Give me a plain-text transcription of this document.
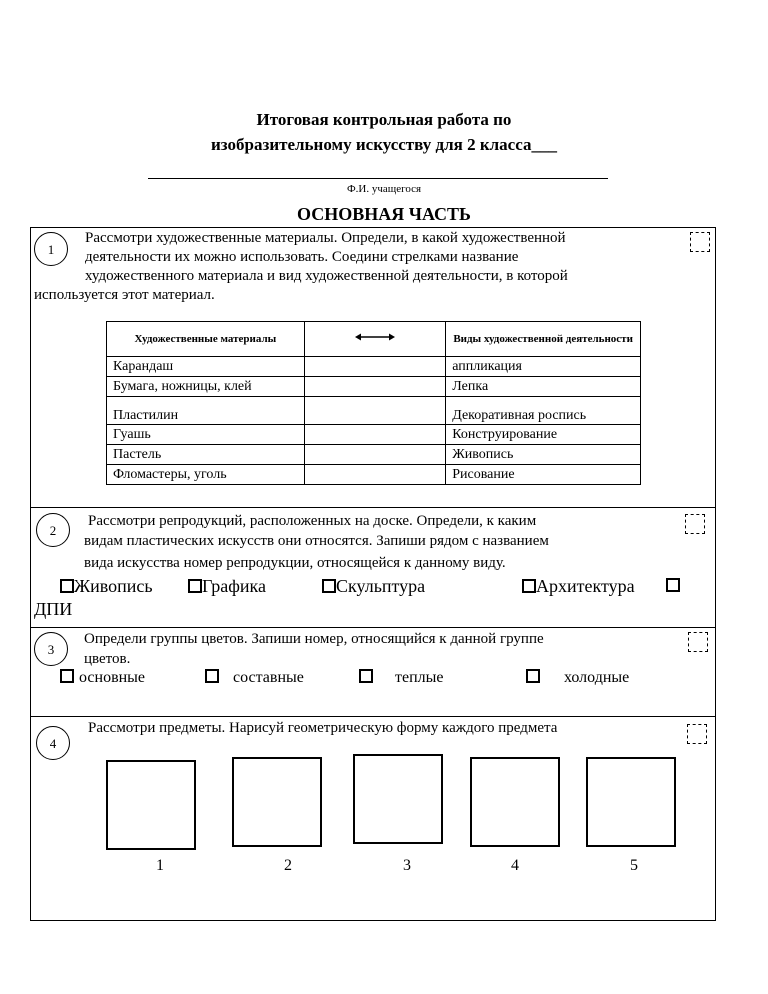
Итоговая контрольная работа по
изобразительному искусству для 2 класса___
Ф.И. учащегося
ОСНОВНАЯ ЧАСТЬ
1
Рассмотри художественные материалы. Определи, в какой художественной
деятельности их можно использовать. Соедини стрелками название
художественного материала и вид художественной деятельности, в которой
используется этот материал.
Художественные материалы		Виды художественной деятельности
Карандаш		аппликация
Бумага, ножницы, клей		Лепка
Пластилин		Декоративная роспись
Гуашь		Конструирование
Пастель		Живопись
Фломастеры, уголь		Рисование
2
Рассмотри репродукций, расположенных на доске. Определи, к каким
видам пластических искусств они относятся. Запиши рядом с названием
вида искусства номер репродукции, относящейся к данному виду.
Живопись	Графика	Скульптура	Архитектура
ДПИ
3
Определи группы цветов. Запиши номер, относящийся к данной группе
цветов.
основные	составные	теплые	холодные
4
Рассмотри предметы. Нарисуй геометрическую форму каждого предмета
1	2	3	4	5
